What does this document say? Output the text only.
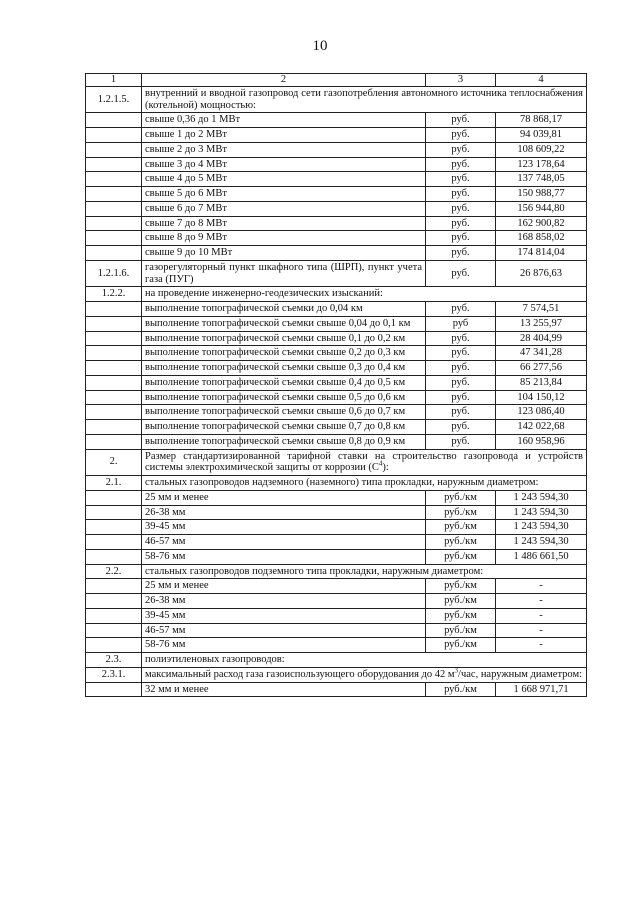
10
1	2	3	4
1.2.1.5.	внутренний и вводной газопровод сети газопотребления автономного источника теплоснабжения (котельной) мощностью:		
	свыше 0,36 до 1 МВт	руб.	78 868,17
	свыше 1 до 2 МВт	руб.	94 039,81
	свыше 2 до 3 МВт	руб.	108 609,22
	свыше 3 до 4 МВт	руб.	123 178,64
	свыше 4 до 5 МВт	руб.	137 748,05
	свыше 5 до 6 МВт	руб.	150 988,77
	свыше 6 до 7 МВт	руб.	156 944,80
	свыше 7 до 8 МВт	руб.	162 900,82
	свыше 8 до 9 МВт	руб.	168 858,02
	свыше 9 до 10 МВт	руб.	174 814,04
1.2.1.6.	газорегуляторный пункт шкафного типа (ШРП), пункт учета газа (ПУГ)	руб.	26 876,63
1.2.2.	на проведение инженерно-геодезических изысканий:		
	выполнение топографической съемки до 0,04 км	руб.	7 574,51
	выполнение топографической съемки свыше 0,04 до 0,1 км	руб	13 255,97
	выполнение топографической съемки свыше 0,1 до 0,2 км	руб.	28 404,99
	выполнение топографической съемки свыше 0,2 до 0,3 км	руб.	47 341,28
	выполнение топографической съемки свыше 0,3 до 0,4 км	руб.	66 277,56
	выполнение топографической съемки свыше 0,4 до 0,5 км	руб.	85 213,84
	выполнение топографической съемки свыше 0,5 до 0,6 км	руб.	104 150,12
	выполнение топографической съемки свыше 0,6 до 0,7 км	руб.	123 086,40
	выполнение топографической съемки свыше 0,7 до 0,8 км	руб.	142 022,68
	выполнение топографической съемки свыше 0,8 до 0,9 км	руб.	160 958,96
2.	Размер стандартизированной тарифной ставки на строительство газопровода и устройств системы электрохимической защиты от коррозии $(С^4)$:		
2.1.	стальных газопроводов надземного (наземного) типа прокладки, наружным диаметром:		
	25 мм и менее	руб./км	1 243 594,30
	26-38 мм	руб./км	1 243 594,30
	39-45 мм	руб./км	1 243 594,30
	46-57 мм	руб./км	1 243 594,30
	58-76 мм	руб./км	1 486 661,50
2.2.	стальных газопроводов подземного типа прокладки, наружным диаметром:		
	25 мм и менее	руб./км	-
	26-38 мм	руб./км	-
	39-45 мм	руб./км	-
	46-57 мм	руб./км	-
	58-76 мм	руб./км	-
2.3.	полиэтиленовых газопроводов:		
2.3.1.	максимальный расход газа газоиспользующего оборудования до 42 $м^3$/час, наружным диаметром:		
	32 мм и менее	руб./км	1 668 971,71
